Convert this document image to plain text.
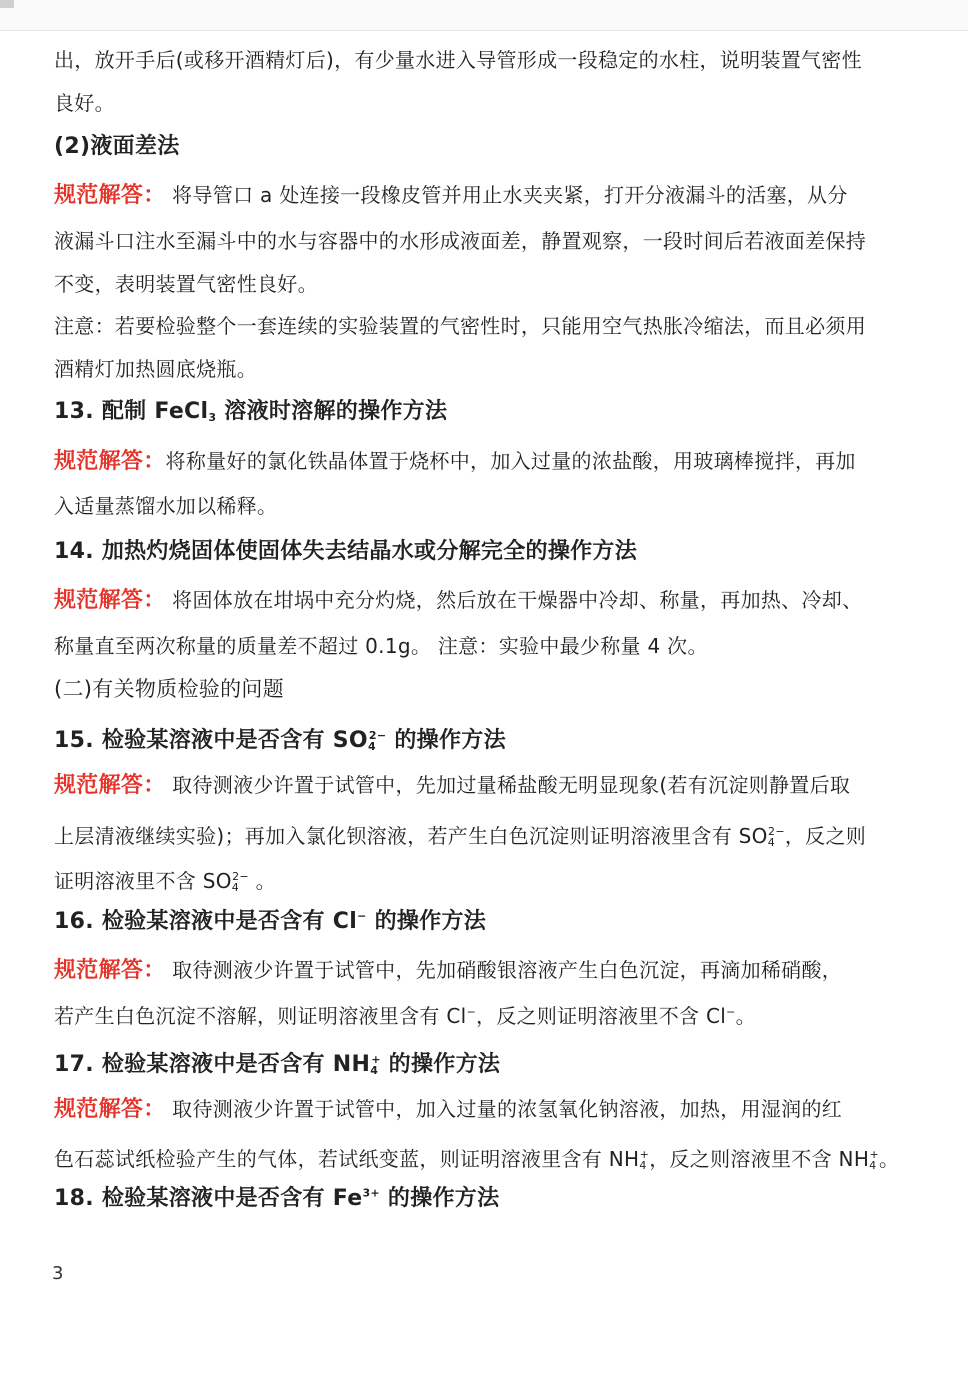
出，放开手后(或移开酒精灯后)，有少量水进入导管形成一段稳定的水柱，说明装置气密性
良好。
(2)液面差法
规范解答： 将导管口 a 处连接一段橡皮管并用止水夹夹紧，打开分液漏斗的活塞，从分
液漏斗口注水至漏斗中的水与容器中的水形成液面差，静置观察，一段时间后若液面差保持
不变，表明装置气密性良好。
注意：若要检验整个一套连续的实验装置的气密性时，只能用空气热胀冷缩法，而且必须用
酒精灯加热圆底烧瓶。
13. 配制 FeCl$_3$ 溶液时溶解的操作方法
规范解答：将称量好的氯化铁晶体置于烧杯中，加入过量的浓盐酸，用玻璃棒搅拌，再加
入适量蒸馏水加以稀释。
14. 加热灼烧固体使固体失去结晶水或分解完全的操作方法
规范解答： 将固体放在坩埚中充分灼烧，然后放在干燥器中冷却、称量，再加热、冷却、
称量直至两次称量的质量差不超过 0.1g。 注意：实验中最少称量 4 次。
(二)有关物质检验的问题
15. 检验某溶液中是否含有 $SO_4^{2-}$ 的操作方法
规范解答： 取待测液少许置于试管中，先加过量稀盐酸无明显现象(若有沉淀则静置后取
上层清液继续实验)；再加入氯化钡溶液，若产生白色沉淀则证明溶液里含有 $SO_4^{2-}$，反之则
证明溶液里不含 $SO_4^{2-}$ 。
16. 检验某溶液中是否含有 Cl− 的操作方法
规范解答： 取待测液少许置于试管中，先加硝酸银溶液产生白色沉淀，再滴加稀硝酸，
若产生白色沉淀不溶解，则证明溶液里含有 Cl−，反之则证明溶液里不含 Cl−。
17. 检验某溶液中是否含有 $NH_4^+$ 的操作方法
规范解答： 取待测液少许置于试管中，加入过量的浓氢氧化钠溶液，加热，用湿润的红
色石蕊试纸检验产生的气体，若试纸变蓝，则证明溶液里含有 $NH_4^+$，反之则溶液里不含 $NH_4^+$。
18. 检验某溶液中是否含有 $Fe^{3+}$ 的操作方法
3
